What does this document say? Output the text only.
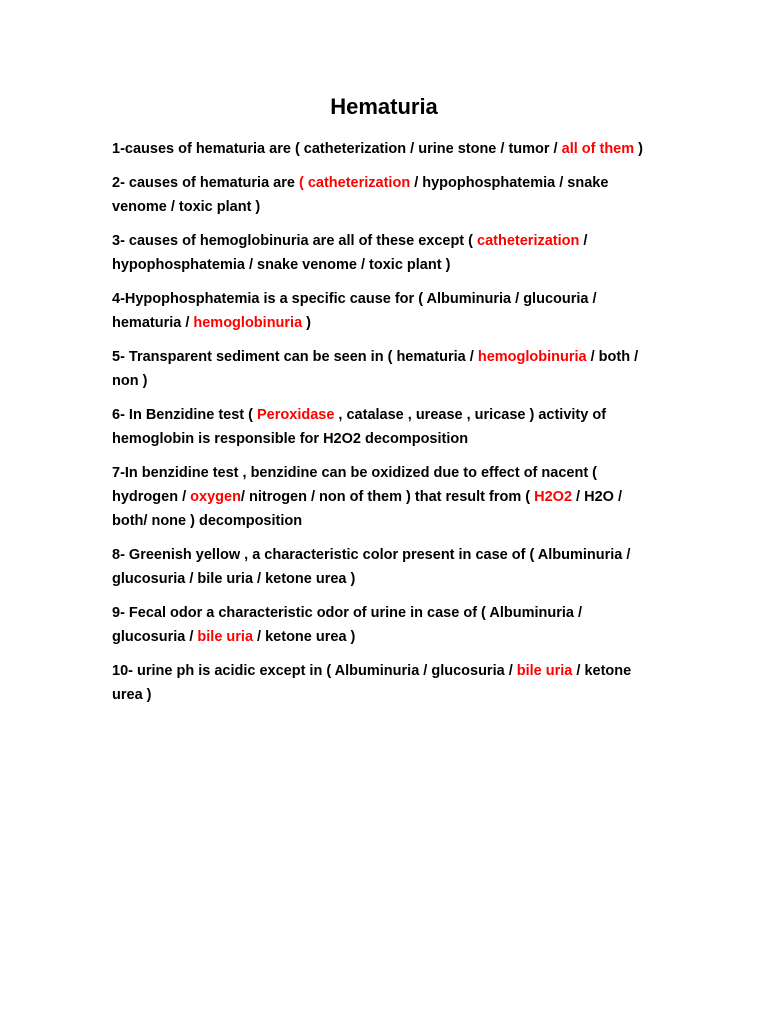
Hematuria

1-causes of hematuria are ( catheterization / urine stone / tumor / all of them )

2- causes of hematuria are ( catheterization / hypophosphatemia / snake venome / toxic plant )

3- causes of hemoglobinuria are all of these except ( catheterization / hypophosphatemia / snake venome / toxic plant )

4-Hypophosphatemia is a specific cause for ( Albuminuria / glucouria / hematuria / hemoglobinuria )

5- Transparent sediment can be seen in ( hematuria / hemoglobinuria / both / non )

6- In Benzidine test ( Peroxidase , catalase , urease , uricase ) activity of hemoglobin is responsible for H2O2 decomposition

7-In benzidine test , benzidine can be oxidized due to effect of nacent ( hydrogen / oxygen/ nitrogen / non of them ) that result from ( H2O2 / H2O / both/ none ) decomposition

8- Greenish yellow , a characteristic color present in case of ( Albuminuria / glucosuria / bile uria / ketone urea )

9- Fecal odor a characteristic odor of urine in case of ( Albuminuria / glucosuria / bile uria / ketone urea )

10- urine ph is acidic except in ( Albuminuria / glucosuria / bile uria / ketone urea )
